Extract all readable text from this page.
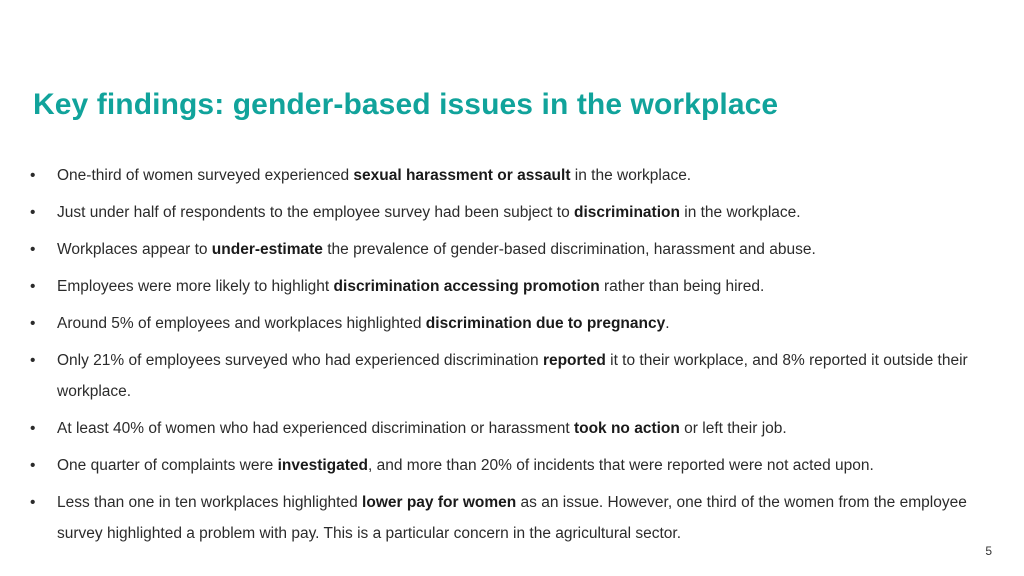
Key findings: gender-based issues in the workplace
•	One-third of women surveyed experienced sexual harassment or assault in the workplace.
•	Just under half of respondents to the employee survey had been subject to discrimination in the workplace.
•	Workplaces appear to under-estimate the prevalence of gender-based discrimination, harassment and abuse.
•	Employees were more likely to highlight discrimination accessing promotion rather than being hired.
•	Around 5% of employees and workplaces highlighted discrimination due to pregnancy.
•	Only 21% of employees surveyed who had experienced discrimination reported it to their workplace, and 8% reported it outside their workplace.
•	At least 40% of women who had experienced discrimination or harassment took no action or left their job.
•	One quarter of complaints were investigated, and more than 20% of incidents that were reported were not acted upon.
•	Less than one in ten workplaces highlighted lower pay for women as an issue. However, one third of the women from the employee survey highlighted a problem with pay. This is a particular concern in the agricultural sector.
5
